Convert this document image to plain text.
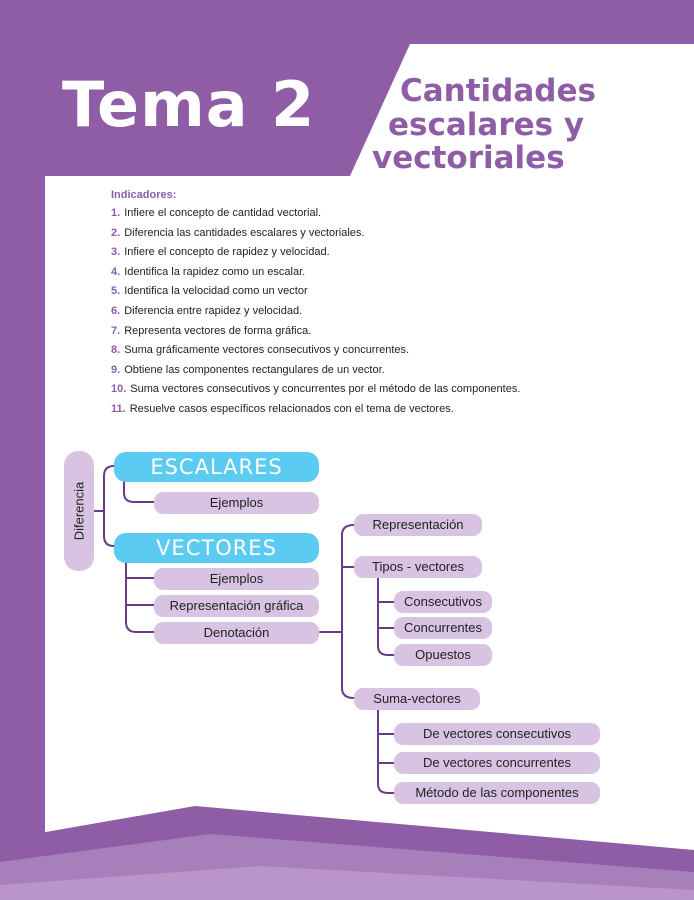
Tema 2	Cantidades
escalares y
vectoriales
Indicadores:
1. Infiere el concepto de cantidad vectorial.
2. Diferencia las cantidades escalares y vectoriales.
3. Infiere el concepto de rapidez y velocidad.
4. Identifica la rapidez como un escalar.
5. Identifica la velocidad como un vector
6. Diferencia entre rapidez y velocidad.
7. Representa vectores de forma gráfica.
8. Suma gráficamente vectores consecutivos y concurrentes.
9. Obtiene las componentes rectangulares de un vector.
10. Suma vectores consecutivos y concurrentes por el método de las componentes.
11. Resuelve casos específicos relacionados con el tema de vectores.
Diferencia
ESCALARES
Ejemplos
VECTORES
Ejemplos
Representación gráfica
Denotación
Representación
Tipos - vectores
Consecutivos
Concurrentes
Opuestos
Suma-vectores
De vectores consecutivos
De vectores concurrentes
Método de las componentes
